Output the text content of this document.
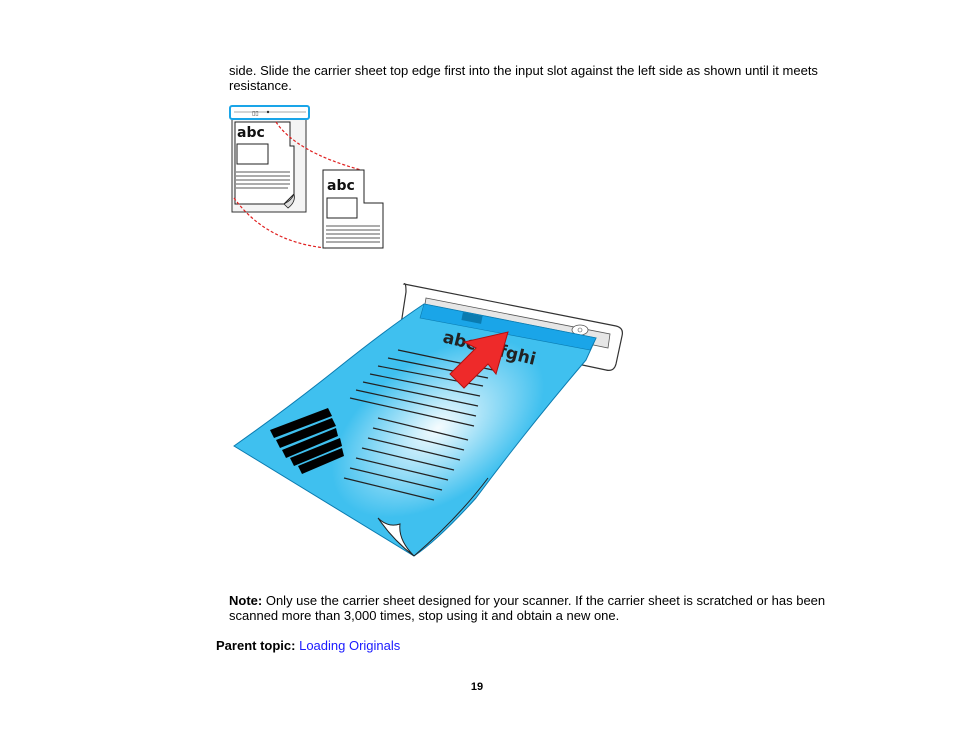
side. Slide the carrier sheet top edge first into the input slot against the left side as shown until it meets resistance.

▯▯
abc
abc

Note: Only use the carrier sheet designed for your scanner. If the carrier sheet is scratched or has been scanned more than 3,000 times, stop using it and obtain a new one.

Parent topic: Loading Originals
19
